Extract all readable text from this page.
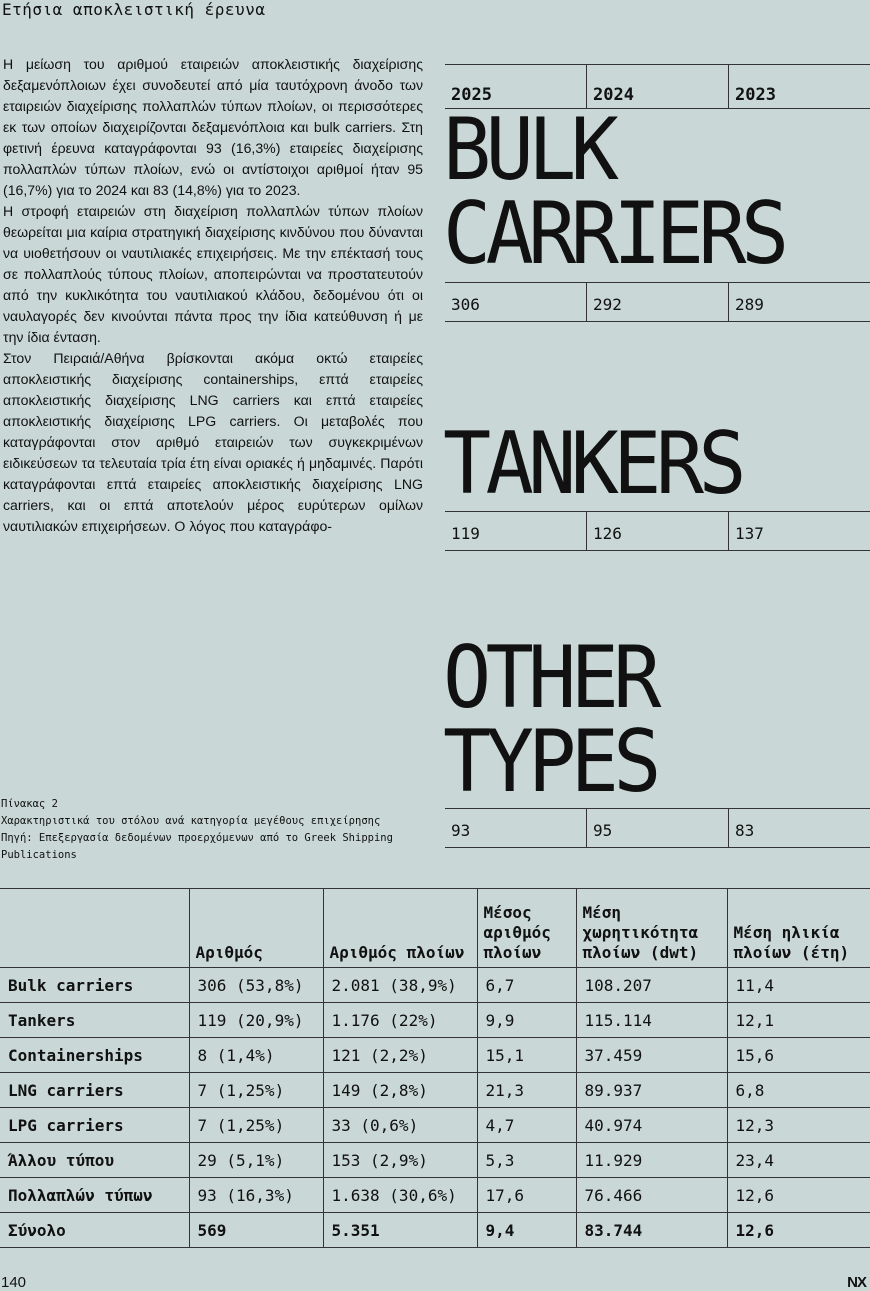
Ετήσια αποκλειστική έρευνα

Η μείωση του αριθμού εταιρειών αποκλειστικής διαχείρισης δεξαμενόπλοιων έχει συνοδευτεί από μία ταυτόχρονη άνοδο των εταιρειών διαχείρισης πολλαπλών τύπων πλοίων, οι περισσότερες εκ των οποίων διαχειρίζονται δεξαμενόπλοια και bulk carriers. Στη φετινή έρευνα καταγράφονται 93 (16,3%) εταιρείες διαχείρισης πολλαπλών τύπων πλοίων, ενώ οι αντίστοιχοι αριθμοί ήταν 95 (16,7%) για το 2024 και 83 (14,8%) για το 2023.

Η στροφή εταιρειών στη διαχείριση πολλαπλών τύπων πλοίων θεωρείται μια καίρια στρατηγική διαχείρισης κινδύνου που δύνανται να υιοθετήσουν οι ναυτιλιακές επιχειρήσεις. Με την επέκτασή τους σε πολλαπλούς τύπους πλοίων, αποπειρώνται να προστατευτούν από την κυκλικότητα του ναυτιλιακού κλάδου, δεδομένου ότι οι ναυλαγορές δεν κινούνται πάντα προς την ίδια κατεύθυνση ή με την ίδια ένταση.

Στον Πειραιά/Αθήνα βρίσκονται ακόμα οκτώ εταιρείες αποκλειστικής διαχείρισης containerships, επτά εταιρείες αποκλειστικής διαχείρισης LNG carriers και επτά εταιρείες αποκλειστικής διαχείρισης LPG carriers. Οι μεταβολές που καταγράφονται στον αριθμό εταιρειών των συγκεκριμένων ειδικεύσεων τα τελευταία τρία έτη είναι οριακές ή μηδαμινές. Παρότι καταγράφονται επτά εταιρείες αποκλειστικής διαχείρισης LNG carriers, και οι επτά αποτελούν μέρος ευρύτερων ομίλων ναυτιλιακών επιχειρήσεων. Ο λόγος που καταγράφο-

2025	2024	2023
BULK
CARRIERS
306	292	289
TANKERS
119	126	137
OTHER
TYPES
93	95	83
Πίνακας 2
Χαρακτηριστικά του στόλου ανά κατηγορία μεγέθους επιχείρησης
Πηγή: Επεξεργασία δεδομένων προερχόμενων από το Greek Shipping Publications
	Αριθμός	Αριθμός πλοίων	Μέσος αριθμός πλοίων	Μέση χωρητικότητα πλοίων (dwt)	Μέση ηλικία πλοίων (έτη)
Bulk carriers	306 (53,8%)	2.081 (38,9%)	6,7	108.207	11,4
Tankers	119 (20,9%)	1.176 (22%)	9,9	115.114	12,1
Containerships	8 (1,4%)	121 (2,2%)	15,1	37.459	15,6
LNG carriers	7 (1,25%)	149 (2,8%)	21,3	89.937	6,8
LPG carriers	7 (1,25%)	33 (0,6%)	4,7	40.974	12,3
Άλλου τύπου	29 (5,1%)	153 (2,9%)	5,3	11.929	23,4
Πολλαπλών τύπων	93 (16,3%)	1.638 (30,6%)	17,6	76.466	12,6
Σύνολο	569	5.351	9,4	83.744	12,6
140	NX
